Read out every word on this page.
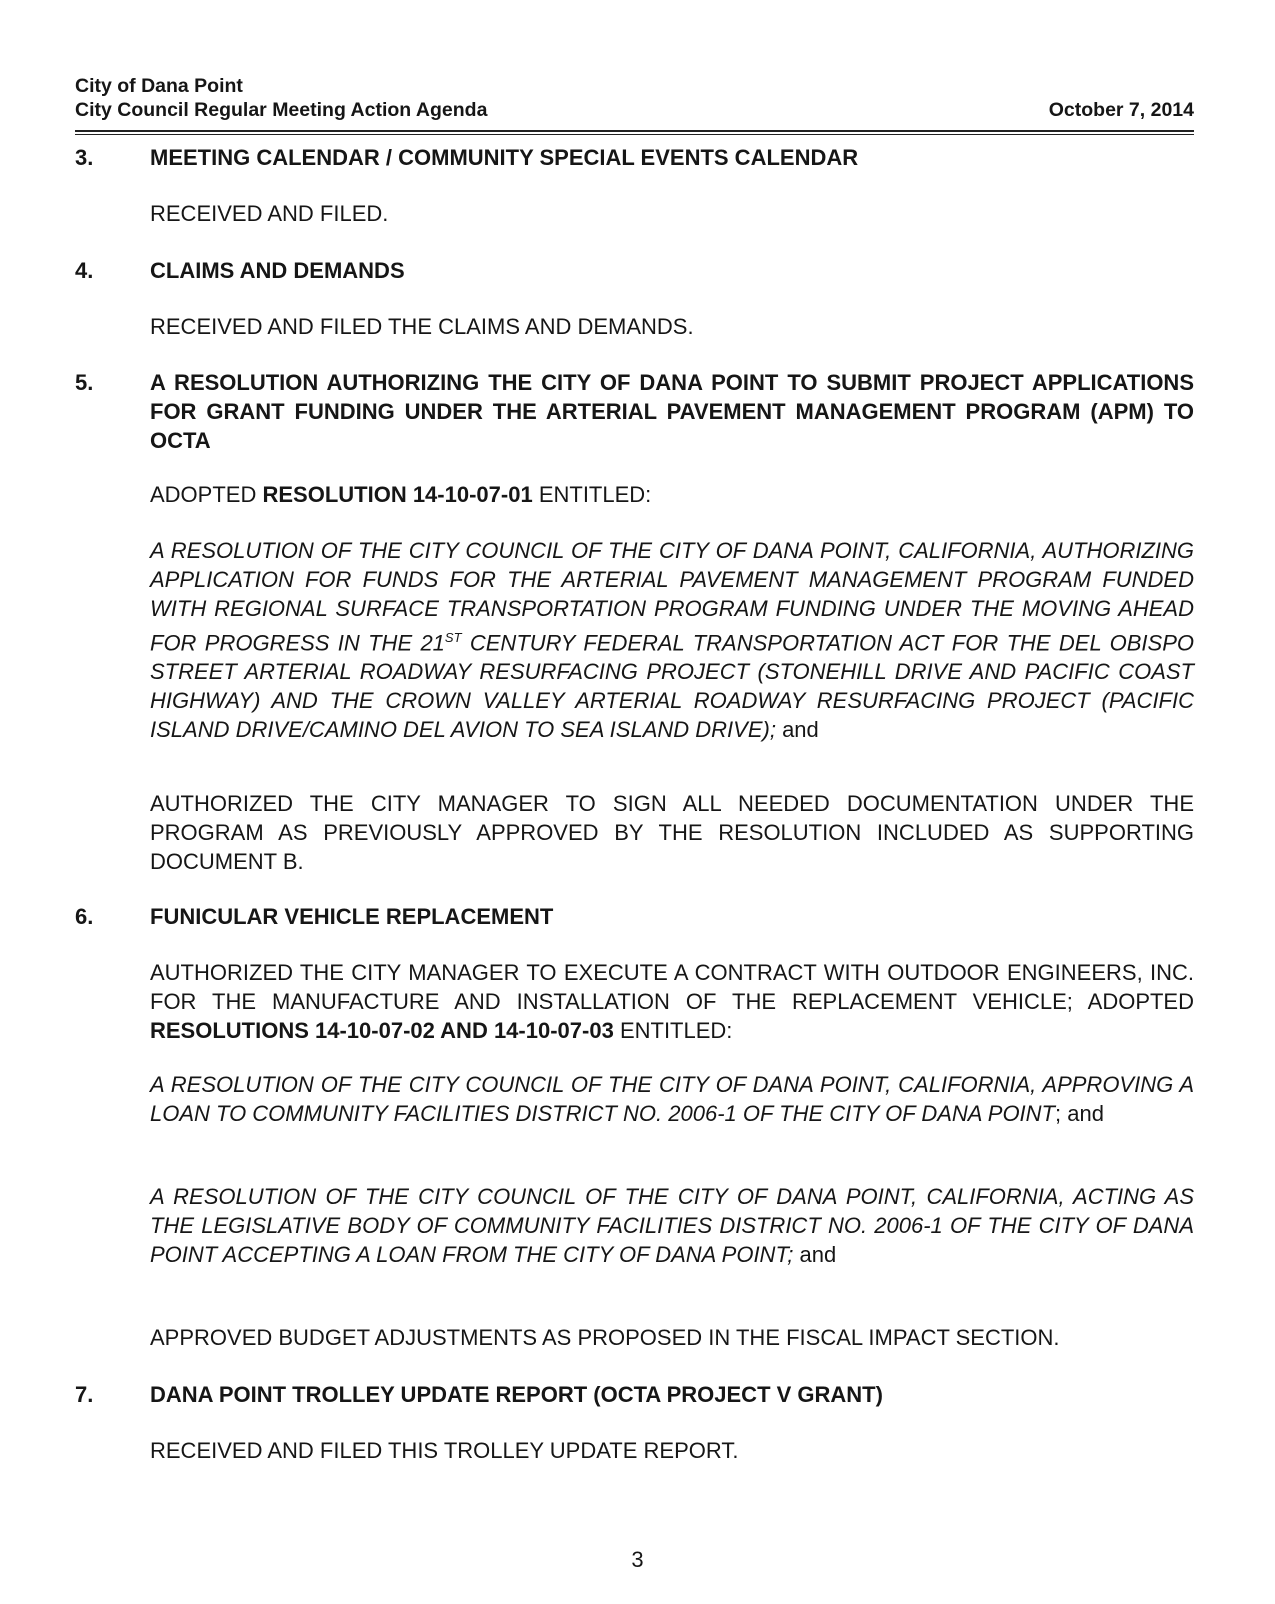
City of Dana Point
City Council Regular Meeting Action Agenda	October 7, 2014
3.	MEETING CALENDAR / COMMUNITY SPECIAL EVENTS CALENDAR
RECEIVED AND FILED.
4.	CLAIMS AND DEMANDS
RECEIVED AND FILED THE CLAIMS AND DEMANDS.
5.	A RESOLUTION AUTHORIZING THE CITY OF DANA POINT TO SUBMIT PROJECT APPLICATIONS FOR GRANT FUNDING UNDER THE ARTERIAL PAVEMENT MANAGEMENT PROGRAM (APM) TO OCTA
ADOPTED RESOLUTION 14-10-07-01 ENTITLED:
A RESOLUTION OF THE CITY COUNCIL OF THE CITY OF DANA POINT, CALIFORNIA, AUTHORIZING APPLICATION FOR FUNDS FOR THE ARTERIAL PAVEMENT MANAGEMENT PROGRAM FUNDED WITH REGIONAL SURFACE TRANSPORTATION PROGRAM FUNDING UNDER THE MOVING AHEAD FOR PROGRESS IN THE 21ST CENTURY FEDERAL TRANSPORTATION ACT FOR THE DEL OBISPO STREET ARTERIAL ROADWAY RESURFACING PROJECT (STONEHILL DRIVE AND PACIFIC COAST HIGHWAY) AND THE CROWN VALLEY ARTERIAL ROADWAY RESURFACING PROJECT (PACIFIC ISLAND DRIVE/CAMINO DEL AVION TO SEA ISLAND DRIVE); and
AUTHORIZED THE CITY MANAGER TO SIGN ALL NEEDED DOCUMENTATION UNDER THE PROGRAM AS PREVIOUSLY APPROVED BY THE RESOLUTION INCLUDED AS SUPPORTING DOCUMENT B.
6.	FUNICULAR VEHICLE REPLACEMENT
AUTHORIZED THE CITY MANAGER TO EXECUTE A CONTRACT WITH OUTDOOR ENGINEERS, INC. FOR THE MANUFACTURE AND INSTALLATION OF THE REPLACEMENT VEHICLE; ADOPTED RESOLUTIONS 14-10-07-02 AND 14-10-07-03 ENTITLED:
A RESOLUTION OF THE CITY COUNCIL OF THE CITY OF DANA POINT, CALIFORNIA, APPROVING A LOAN TO COMMUNITY FACILITIES DISTRICT NO. 2006-1 OF THE CITY OF DANA POINT; and
A RESOLUTION OF THE CITY COUNCIL OF THE CITY OF DANA POINT, CALIFORNIA, ACTING AS THE LEGISLATIVE BODY OF COMMUNITY FACILITIES DISTRICT NO. 2006-1 OF THE CITY OF DANA POINT ACCEPTING A LOAN FROM THE CITY OF DANA POINT; and
APPROVED BUDGET ADJUSTMENTS AS PROPOSED IN THE FISCAL IMPACT SECTION.
7.	DANA POINT TROLLEY UPDATE REPORT (OCTA PROJECT V GRANT)
RECEIVED AND FILED THIS TROLLEY UPDATE REPORT.
3
